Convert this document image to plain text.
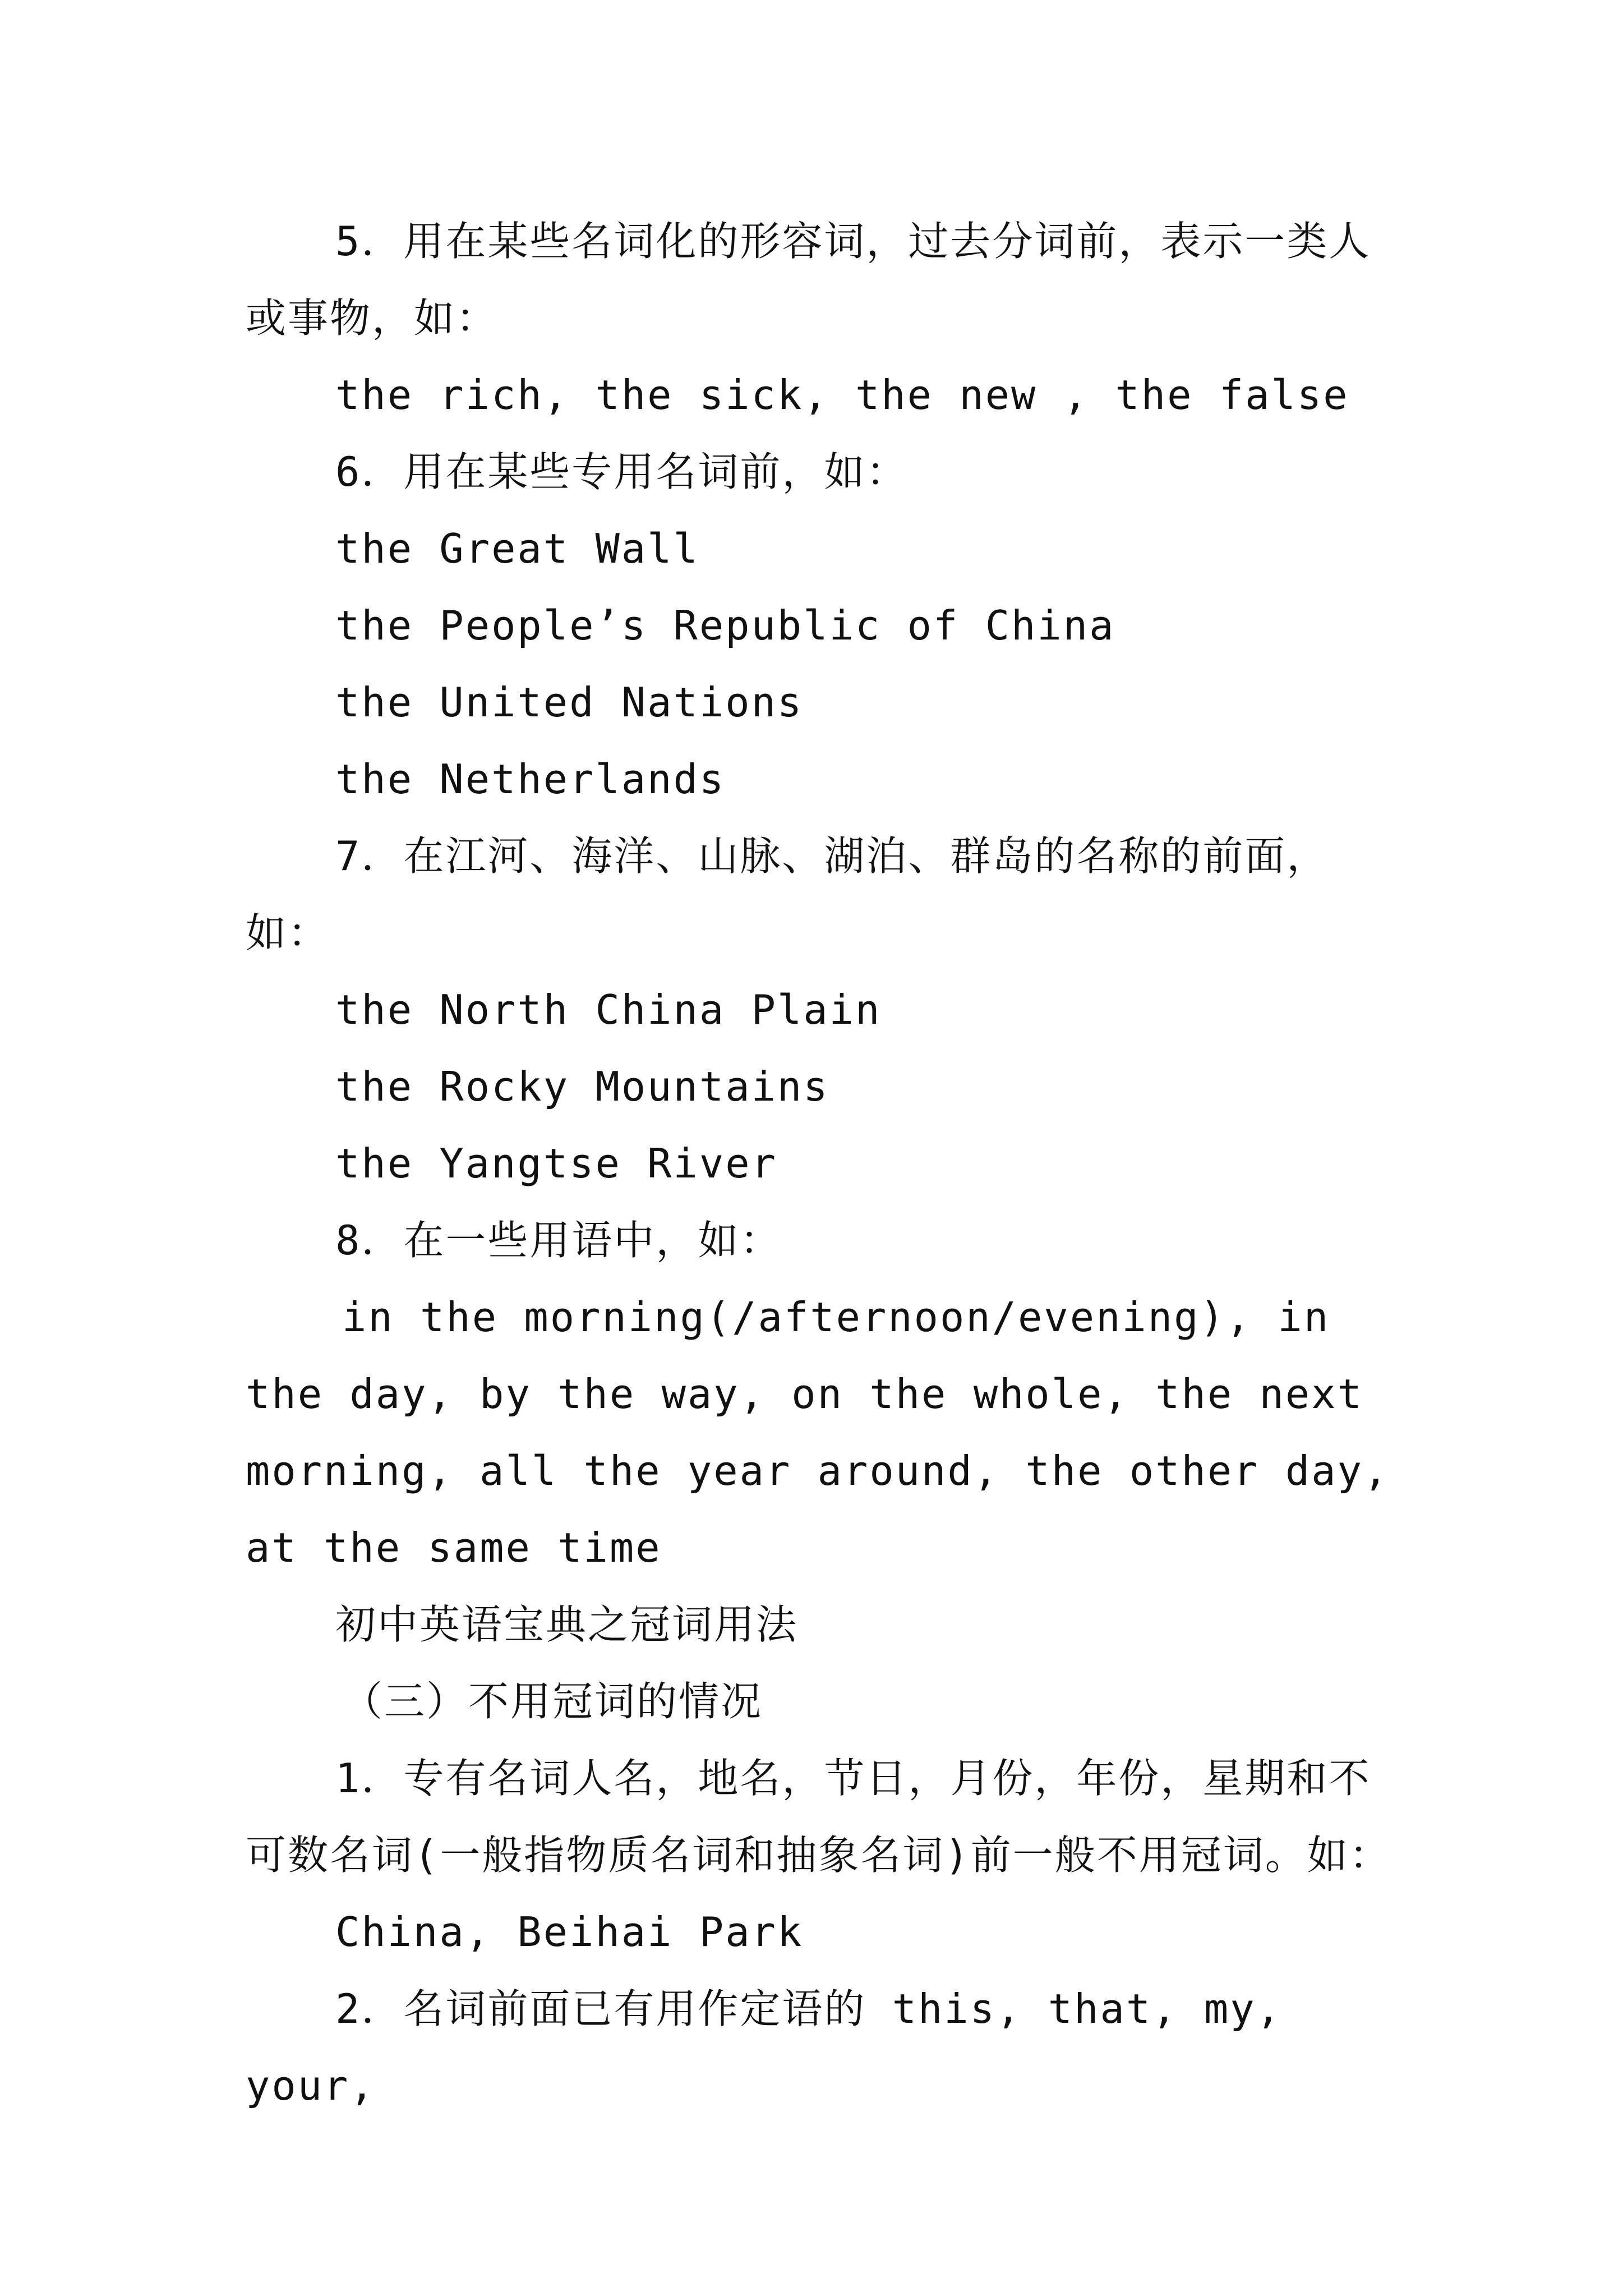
5．用在某些名词化的形容词，过去分词前，表示一类人或事物，如：

the rich, the sick, the new , the false

6．用在某些专用名词前，如：

the Great Wall

the People’s Republic of China

the United Nations

the Netherlands

7．在江河、海洋、山脉、湖泊、群岛的名称的前面，如：

the North China Plain

the Rocky Mountains

the Yangtse River

8．在一些用语中，如：

in the morning(/afternoon/evening), in the day, by the way, on the whole, the next morning, all the year around, the other day, at the same time

初中英语宝典之冠词用法

（三）不用冠词的情况

1．专有名词人名，地名，节日，月份，年份，星期和不可数名词(一般指物质名词和抽象名词)前一般不用冠词。如：

China, Beihai Park

2．名词前面已有用作定语的 this, that, my, your,
